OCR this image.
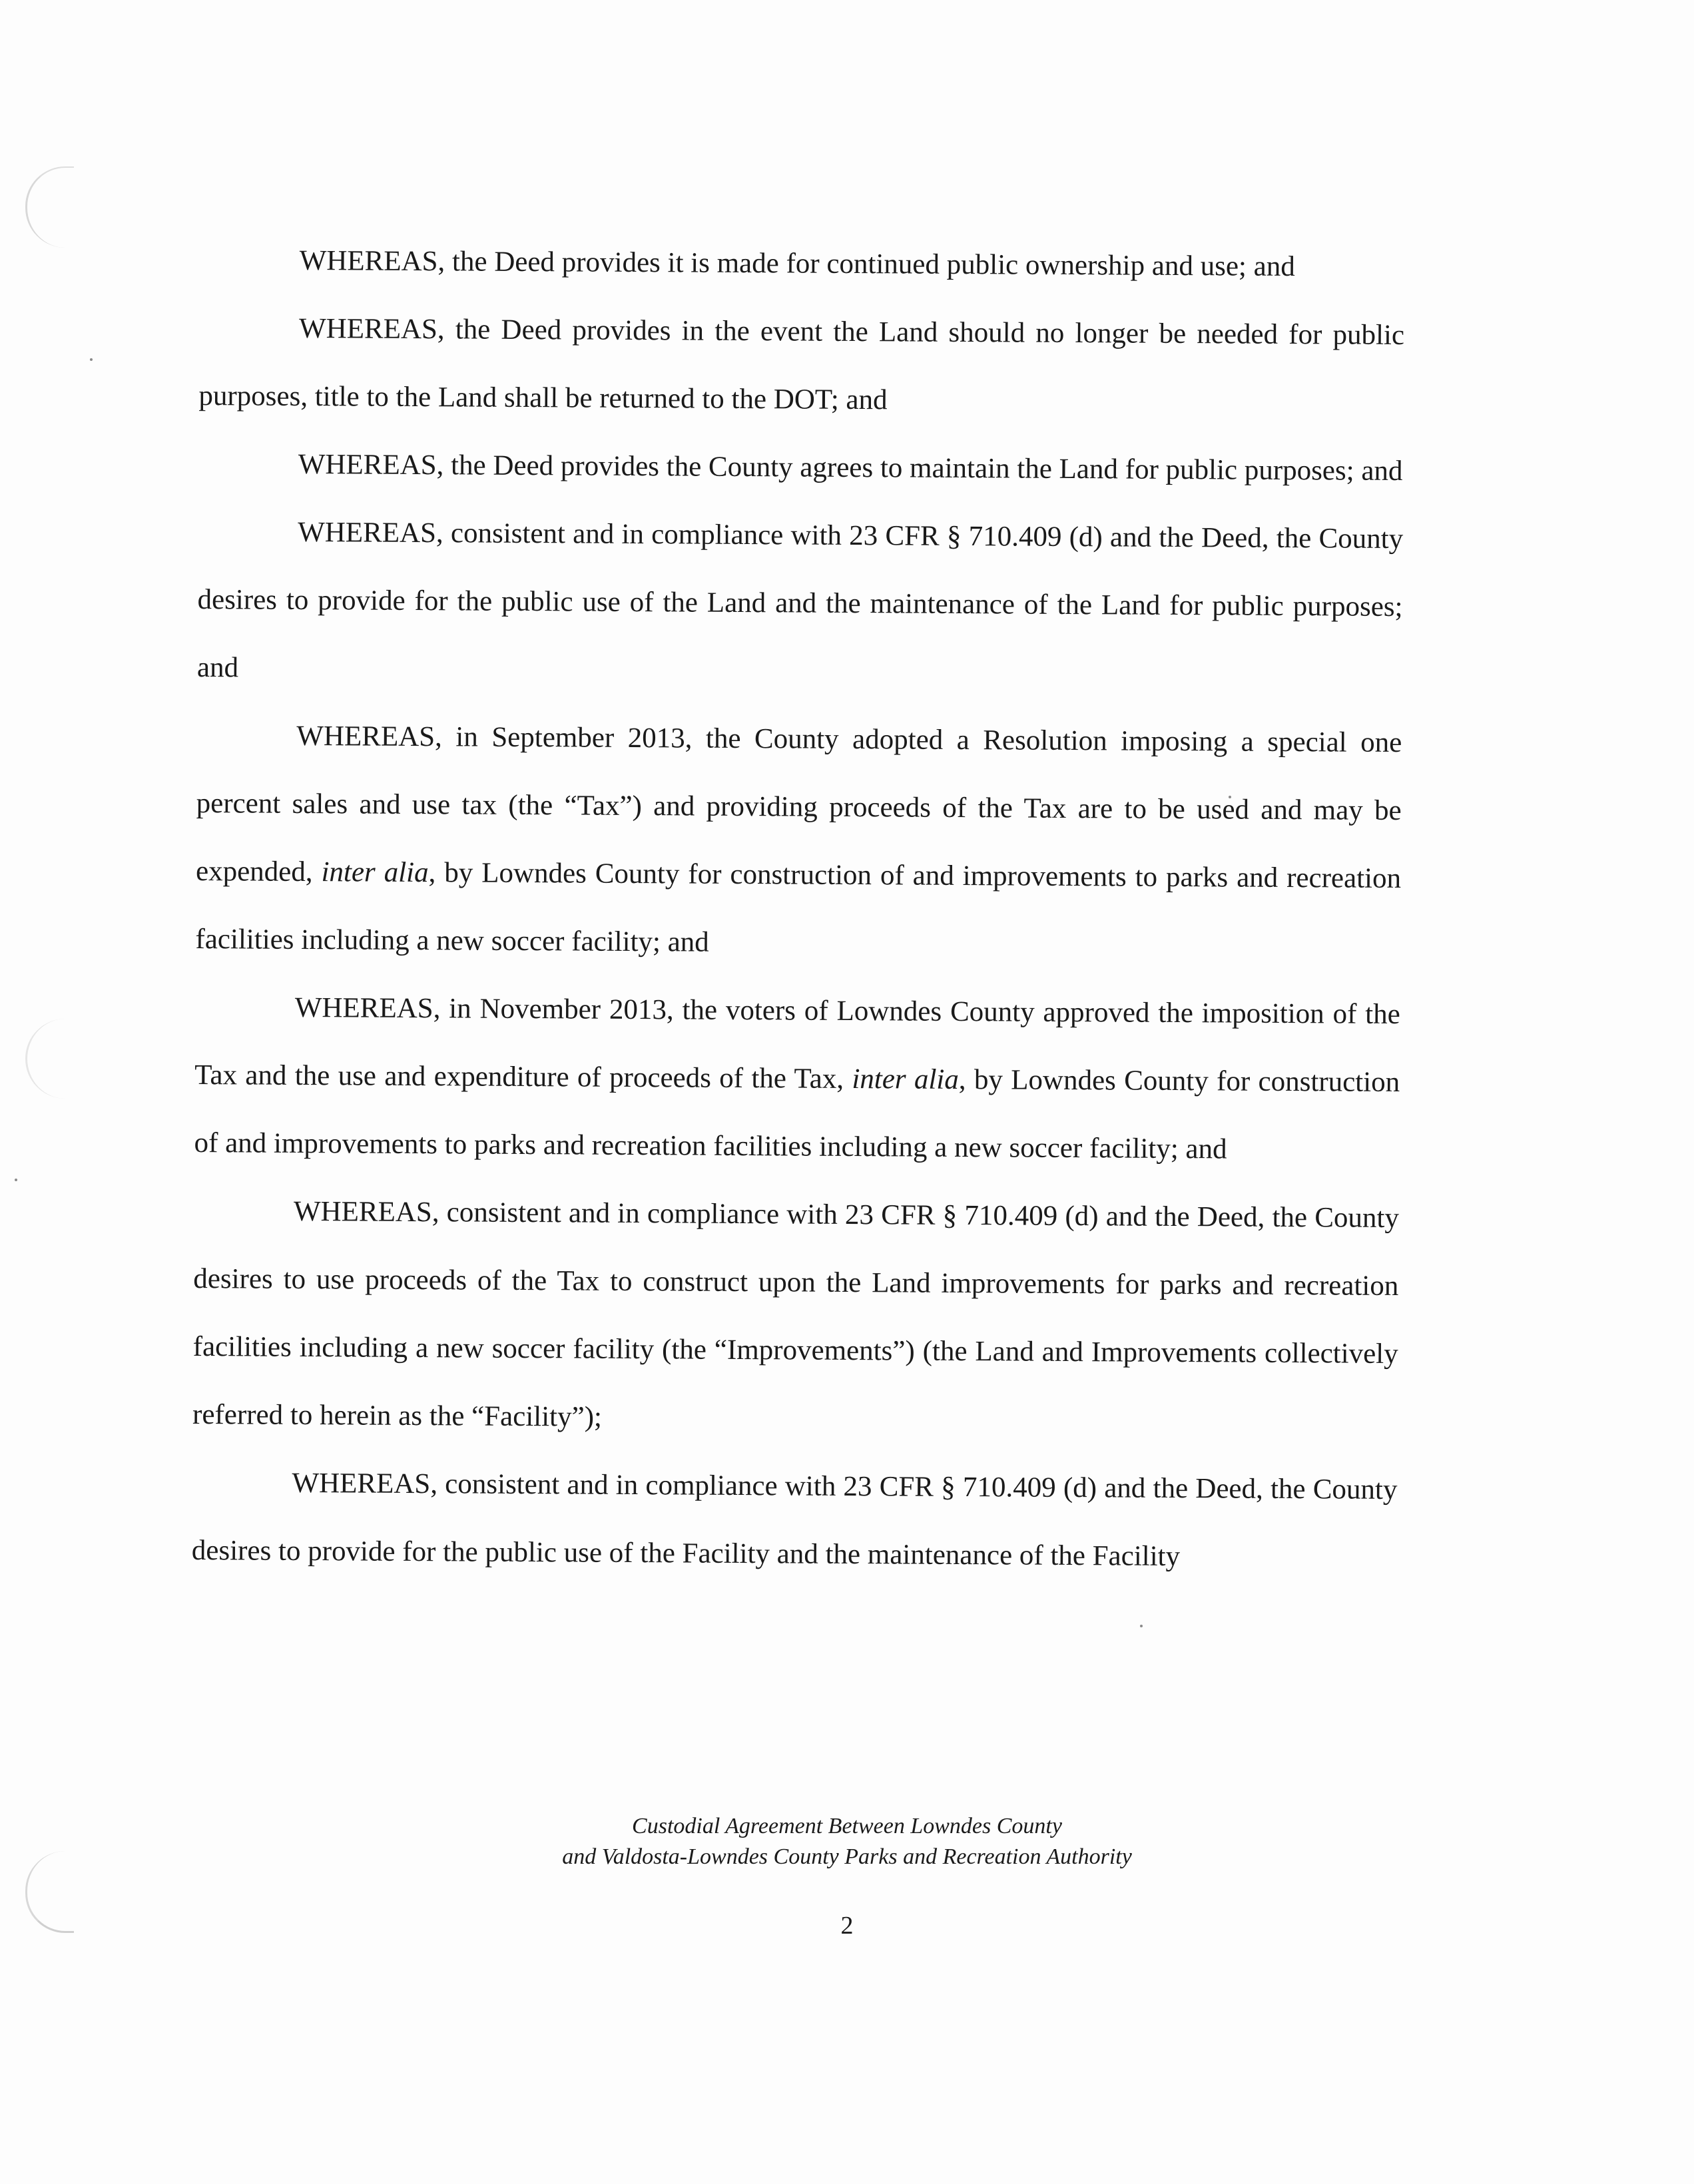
WHEREAS, the Deed provides it is made for continued public ownership and use; and

WHEREAS, the Deed provides in the event the Land should no longer be needed for public purposes, title to the Land shall be returned to the DOT; and

WHEREAS, the Deed provides the County agrees to maintain the Land for public purposes; and

WHEREAS, consistent and in compliance with 23 CFR § 710.409 (d) and the Deed, the County desires to provide for the public use of the Land and the maintenance of the Land for public purposes; and

WHEREAS, in September 2013, the County adopted a Resolution imposing a special one percent sales and use tax (the “Tax”) and providing proceeds of the Tax are to be used and may be expended, inter alia, by Lowndes County for construction of and improvements to parks and recreation facilities including a new soccer facility; and

WHEREAS, in November 2013, the voters of Lowndes County approved the imposition of the Tax and the use and expenditure of proceeds of the Tax, inter alia, by Lowndes County for construction of and improvements to parks and recreation facilities including a new soccer facility; and

WHEREAS, consistent and in compliance with 23 CFR § 710.409 (d) and the Deed, the County desires to use proceeds of the Tax to construct upon the Land improvements for parks and recreation facilities including a new soccer facility (the “Improvements”) (the Land and Improvements collectively referred to herein as the “Facility”);

WHEREAS, consistent and in compliance with 23 CFR § 710.409 (d) and the Deed, the County desires to provide for the public use of the Facility and the maintenance of the Facility

Custodial Agreement Between Lowndes County
and Valdosta-Lowndes County Parks and Recreation Authority
2
